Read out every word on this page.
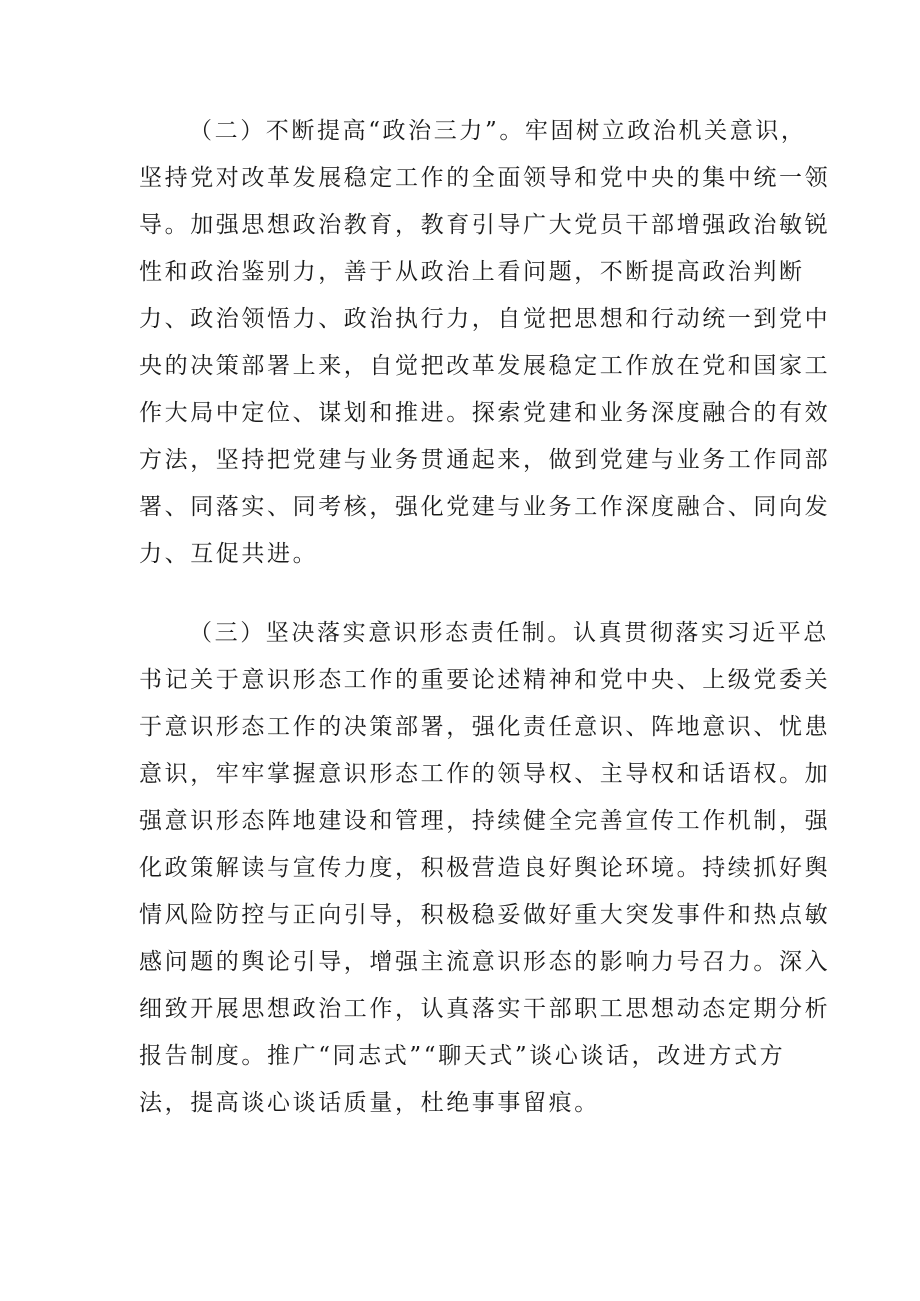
（二）不断提高“政治三力”。牢固树立政治机关意识，
坚持党对改革发展稳定工作的全面领导和党中央的集中统一领
导。加强思想政治教育，教育引导广大党员干部增强政治敏锐
性和政治鉴别力，善于从政治上看问题，不断提高政治判断
力、政治领悟力、政治执行力，自觉把思想和行动统一到党中
央的决策部署上来，自觉把改革发展稳定工作放在党和国家工
作大局中定位、谋划和推进。探索党建和业务深度融合的有效
方法，坚持把党建与业务贯通起来，做到党建与业务工作同部
署、同落实、同考核，强化党建与业务工作深度融合、同向发
力、互促共进。
（三）坚决落实意识形态责任制。认真贯彻落实习近平总
书记关于意识形态工作的重要论述精神和党中央、上级党委关
于意识形态工作的决策部署，强化责任意识、阵地意识、忧患
意识，牢牢掌握意识形态工作的领导权、主导权和话语权。加
强意识形态阵地建设和管理，持续健全完善宣传工作机制，强
化政策解读与宣传力度，积极营造良好舆论环境。持续抓好舆
情风险防控与正向引导，积极稳妥做好重大突发事件和热点敏
感问题的舆论引导，增强主流意识形态的影响力号召力。深入
细致开展思想政治工作，认真落实干部职工思想动态定期分析
报告制度。推广“同志式”“聊天式”谈心谈话，改进方式方
法，提高谈心谈话质量，杜绝事事留痕。
